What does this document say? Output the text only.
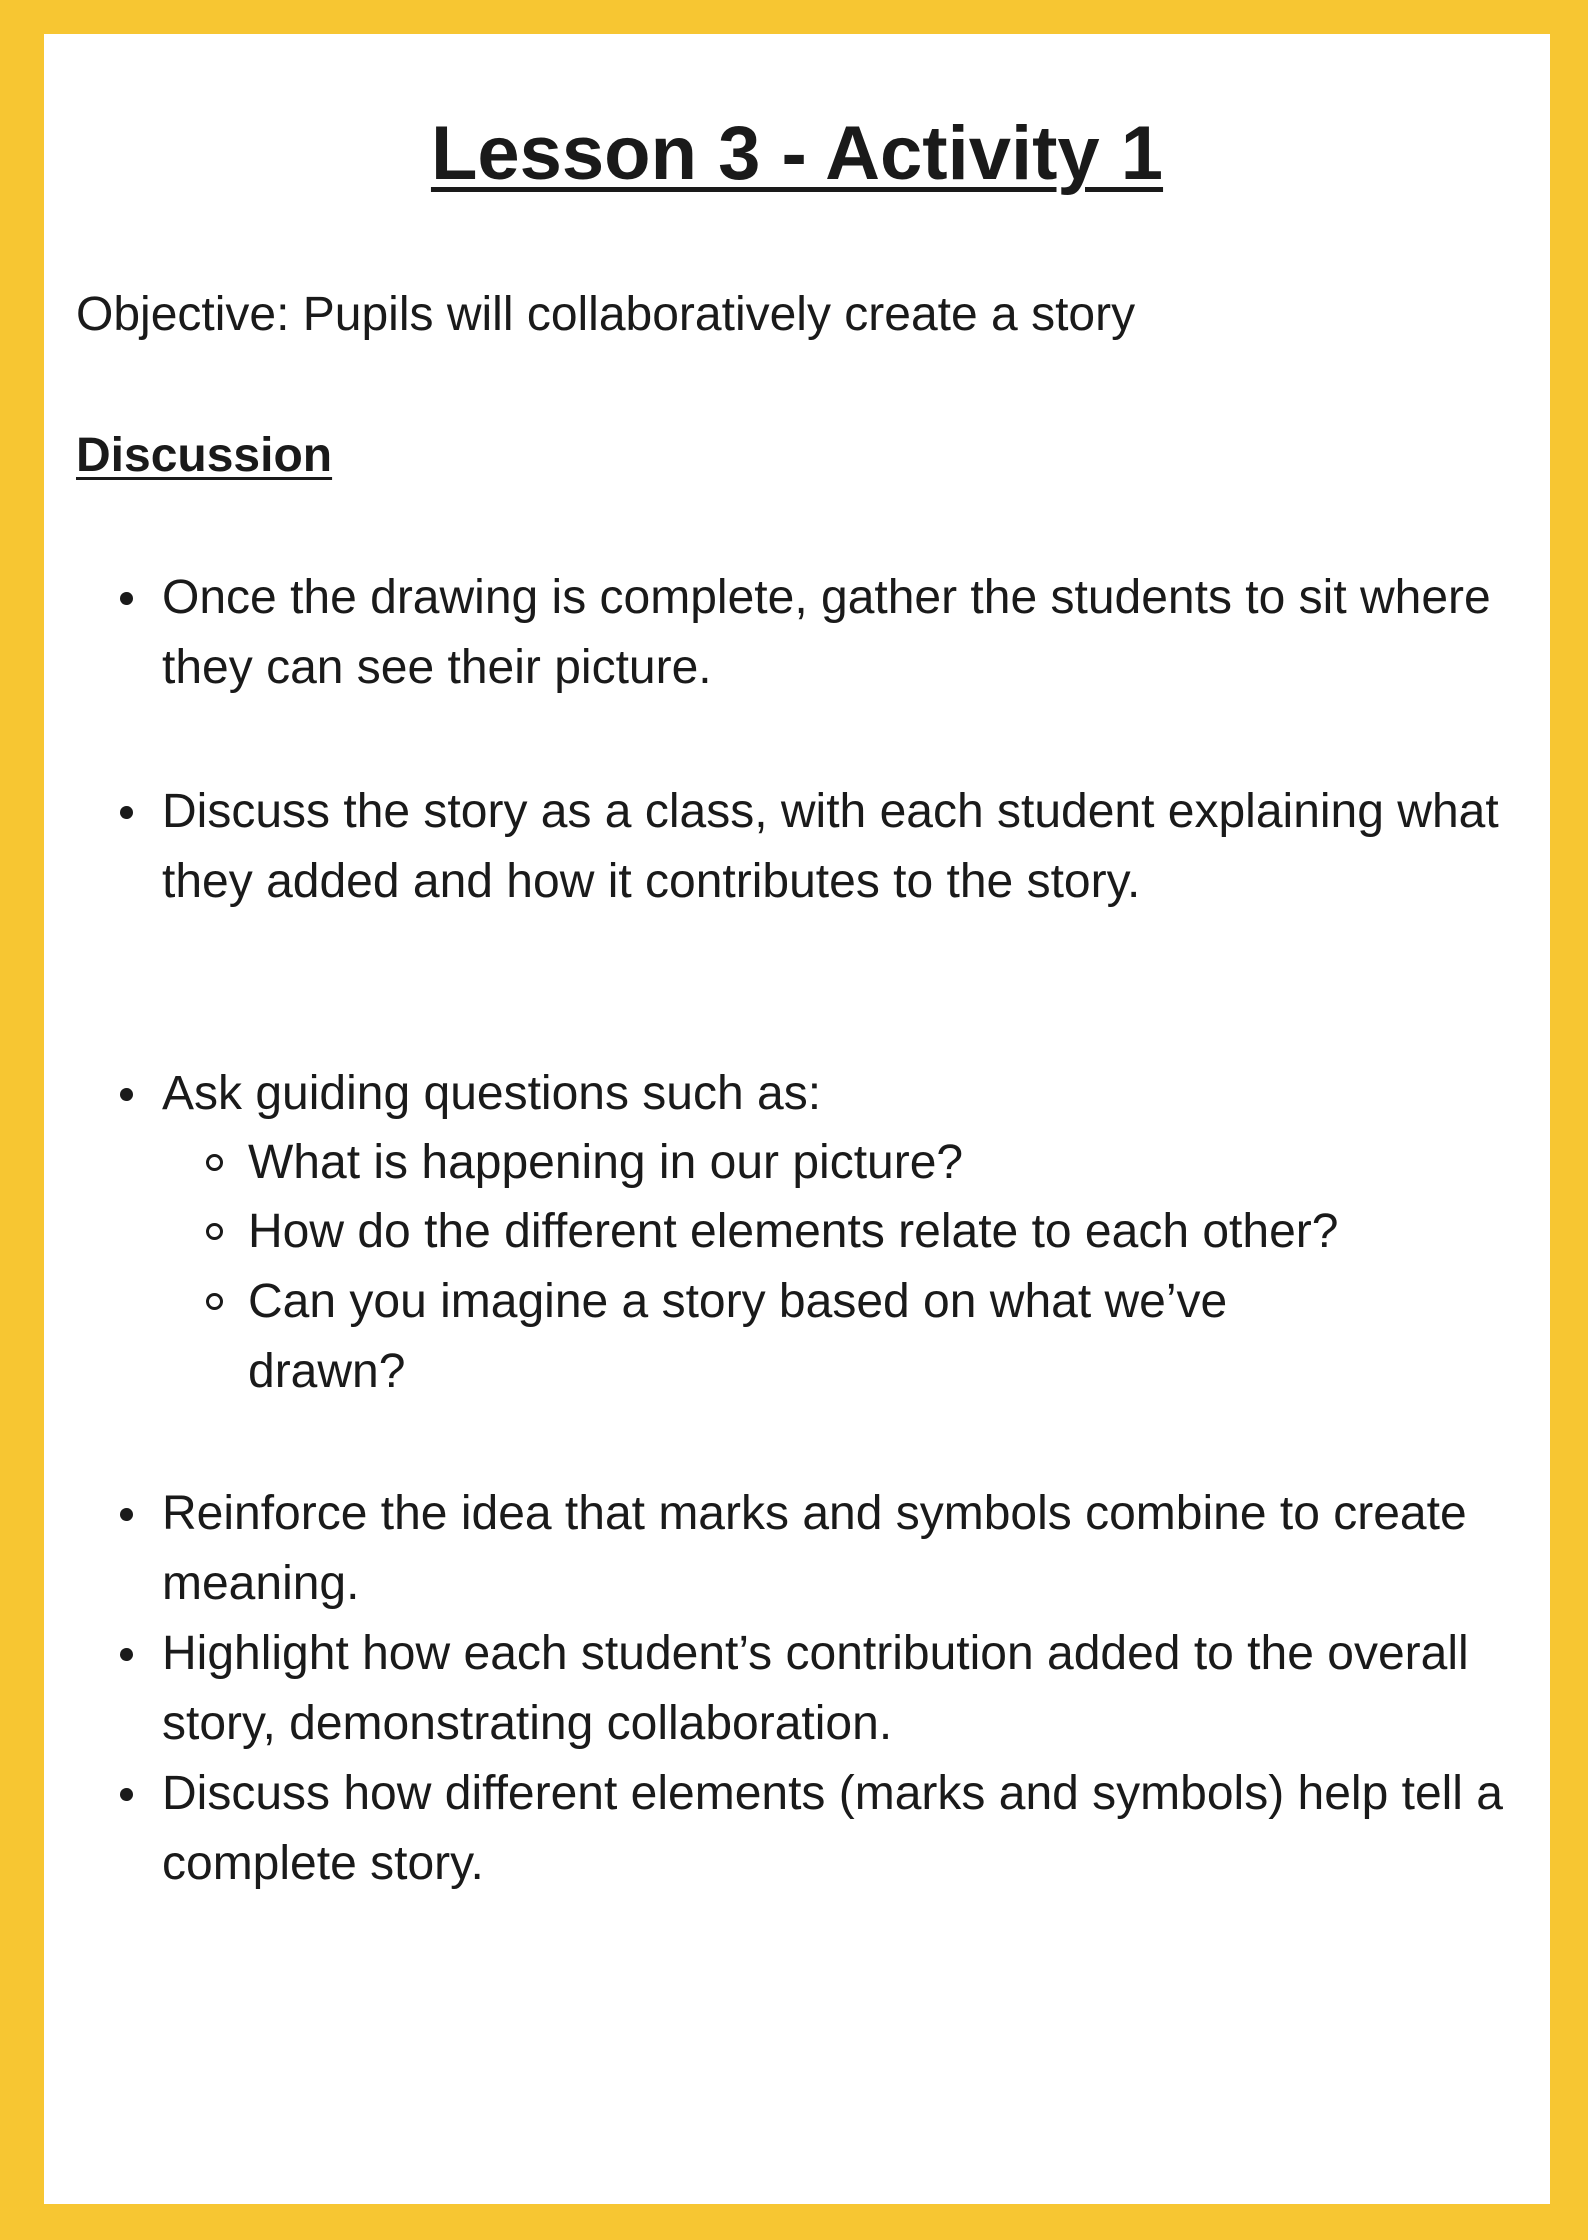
Lesson 3 - Activity 1

Objective: Pupils will collaboratively create a story

Discussion

Once the drawing is complete, gather the students to sit where they can see their picture.

Discuss the story as a class, with each student explaining what they added and how it contributes to the story.

Ask guiding questions such as:

What is happening in our picture?

How do the different elements relate to each other?

Can you imagine a story based on what we’ve drawn?

Reinforce the idea that marks and symbols combine to create meaning.

Highlight how each student’s contribution added to the overall story, demonstrating collaboration.

Discuss how different elements (marks and symbols) help tell a complete story.
